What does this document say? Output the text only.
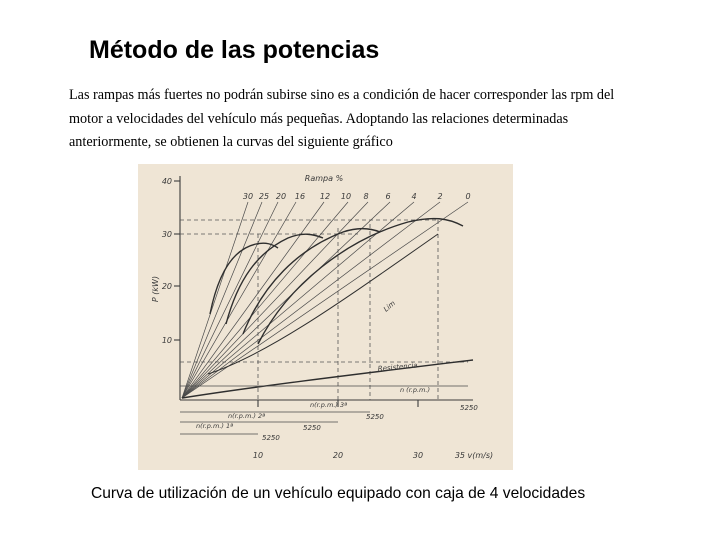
Método de las potencias
Las rampas más fuertes no podrán subirse sino es a condición de hacer corresponder las rpm del
motor a velocidades del vehículo más pequeñas. Adoptando las relaciones determinadas
anteriormente, se obtienen la curvas del siguiente gráfico
Rampa %
30 25 20 16 12 10 8 6	4	2	0
P (kW)
40
30
20
10
10	20	30	35 v(m/s)
Lim
Resistencia
n (r.p.m.)
n(r.p.m.) 3ª
n(r.p.m.) 2ª
n(r.p.m.) 1ª
5250
5250
5250
5250
Curva de utilización de un vehículo equipado con caja de 4 velocidades
